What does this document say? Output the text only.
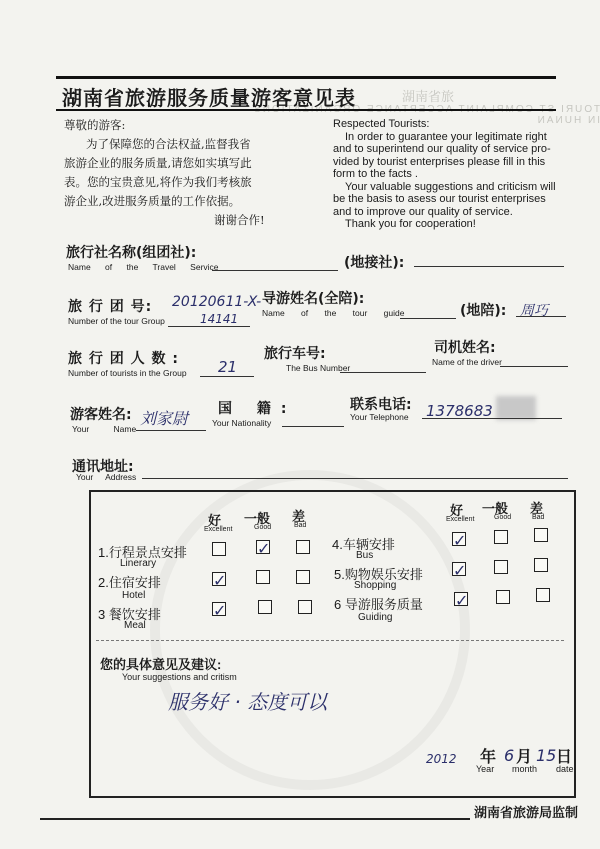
湖南省旅
TOURI ST COMPLAINT ACCEPTANCE ORGANIZATIONS IN HUNAN
湖南省旅游服务质量游客意见表
尊敬的游客:
为了保障您的合法权益,监督我省
旅游企业的服务质量,请您如实填写此
表。您的宝贵意见,将作为我们考核旅
游企业,改进服务质量的工作依据。
谢谢合作!
Respected Tourists:
In order to guarantee your legitimate right
and to superintend our quality of service pro-
vided by tourist enterprises please fill in this
form to the facts .
Your valuable suggestions and criticism will
be the basis to asess our tourist enterprises
and to improve our quality of service.
Thank you for cooperation!
旅行社名称(组团社):
Name of the Travel Service	(地接社):
旅 行 团 号:
Number of the tour Group
20120611-X-
14141
导游姓名(全陪):
Name of the tour guide	(地陪): 周巧
旅 行 团 人 数 :
Number of tourists in the Group 21
旅行车号:
The Bus Number
司机姓名:
Name of the driver
游客姓名:
Your Name
刘家尉 国 籍:
Your Nationality
联系电话:
Your Telephone 1378683
通讯地址:
Your Address
好
Excellent
一般
Good
差
Bad
好
Excellent
一般
Good
差
Bad
1.行程景点安排
Linerary
✓
2.住宿安排
Hotel
✓
3 餐饮安排
Meal
✓
4.车辆安排
Bus
✓
5.购物娱乐安排
Shopping
✓
6 导游服务质量
Guiding
✓
您的具体意见及建议:
Your suggestions and critism
服务好 · 态度可以
2012 年
Year
6 月
month
15 日
date
湖南省旅游局监制
